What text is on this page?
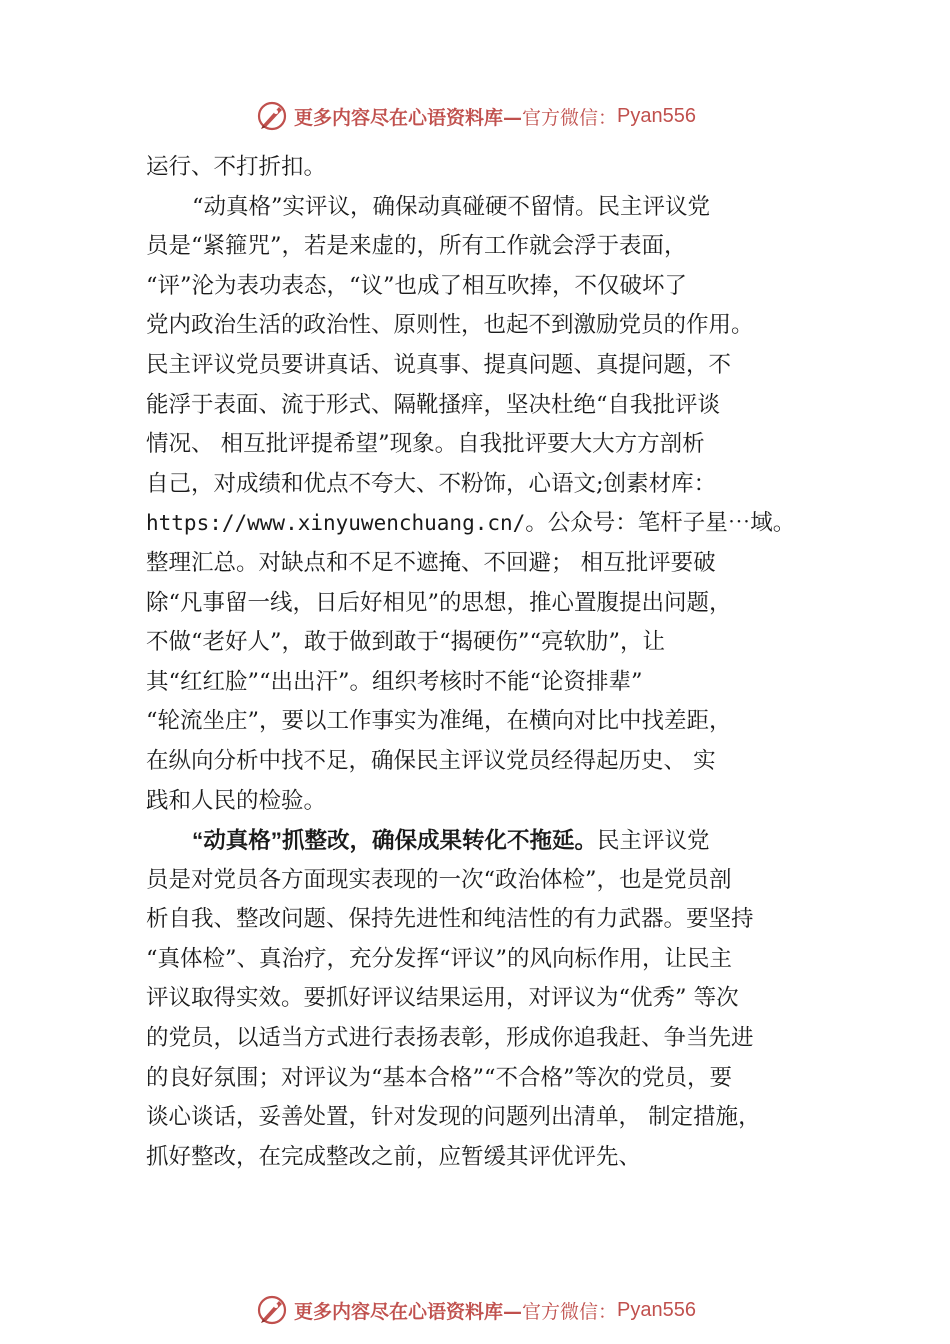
更多内容尽在心语资料库— 官方微信： Pyan556
运行、不打折扣。
“动真格”实评议，确保动真碰硬不留情。民主评议党
员是“紧箍咒”，若是来虚的，所有工作就会浮于表面，
“评”沦为表功表态，“议”也成了相互吹捧，不仅破坏了
党内政治生活的政治性、原则性，也起不到激励党员的作用。
民主评议党员要讲真话、说真事、提真问题、真提问题，不
能浮于表面、流于形式、隔靴搔痒，坚决杜绝“自我批评谈
情况、 相互批评提希望”现象。自我批评要大大方方剖析
自己，对成绩和优点不夸大、不粉饰，心语文;创素材库：
https://www.xinyuwenchuang.cn/。公众号：笔杆子星⋯域。
整理汇总。对缺点和不足不遮掩、不回避； 相互批评要破
除“凡事留一线，日后好相见”的思想，推心置腹提出问题，
不做“老好人”，敢于做到敢于“揭硬伤”“亮软肋”，让
其“红红脸”“出出汗”。组织考核时不能“论资排辈”
“轮流坐庄”，要以工作事实为准绳，在横向对比中找差距，
在纵向分析中找不足，确保民主评议党员经得起历史、 实
践和人民的检验。
“动真格”抓整改，确保成果转化不拖延。民主评议党
员是对党员各方面现实表现的一次“政治体检”，也是党员剖
析自我、整改问题、保持先进性和纯洁性的有力武器。要坚持
“真体检”、真治疗，充分发挥“评议”的风向标作用，让民主
评议取得实效。要抓好评议结果运用，对评议为“优秀” 等次
的党员，以适当方式进行表扬表彰，形成你追我赶、争当先进
的良好氛围；对评议为“基本合格”“不合格”等次的党员，要
谈心谈话，妥善处置，针对发现的问题列出清单， 制定措施，
抓好整改，在完成整改之前，应暂缓其评优评先、
更多内容尽在心语资料库— 官方微信： Pyan556
